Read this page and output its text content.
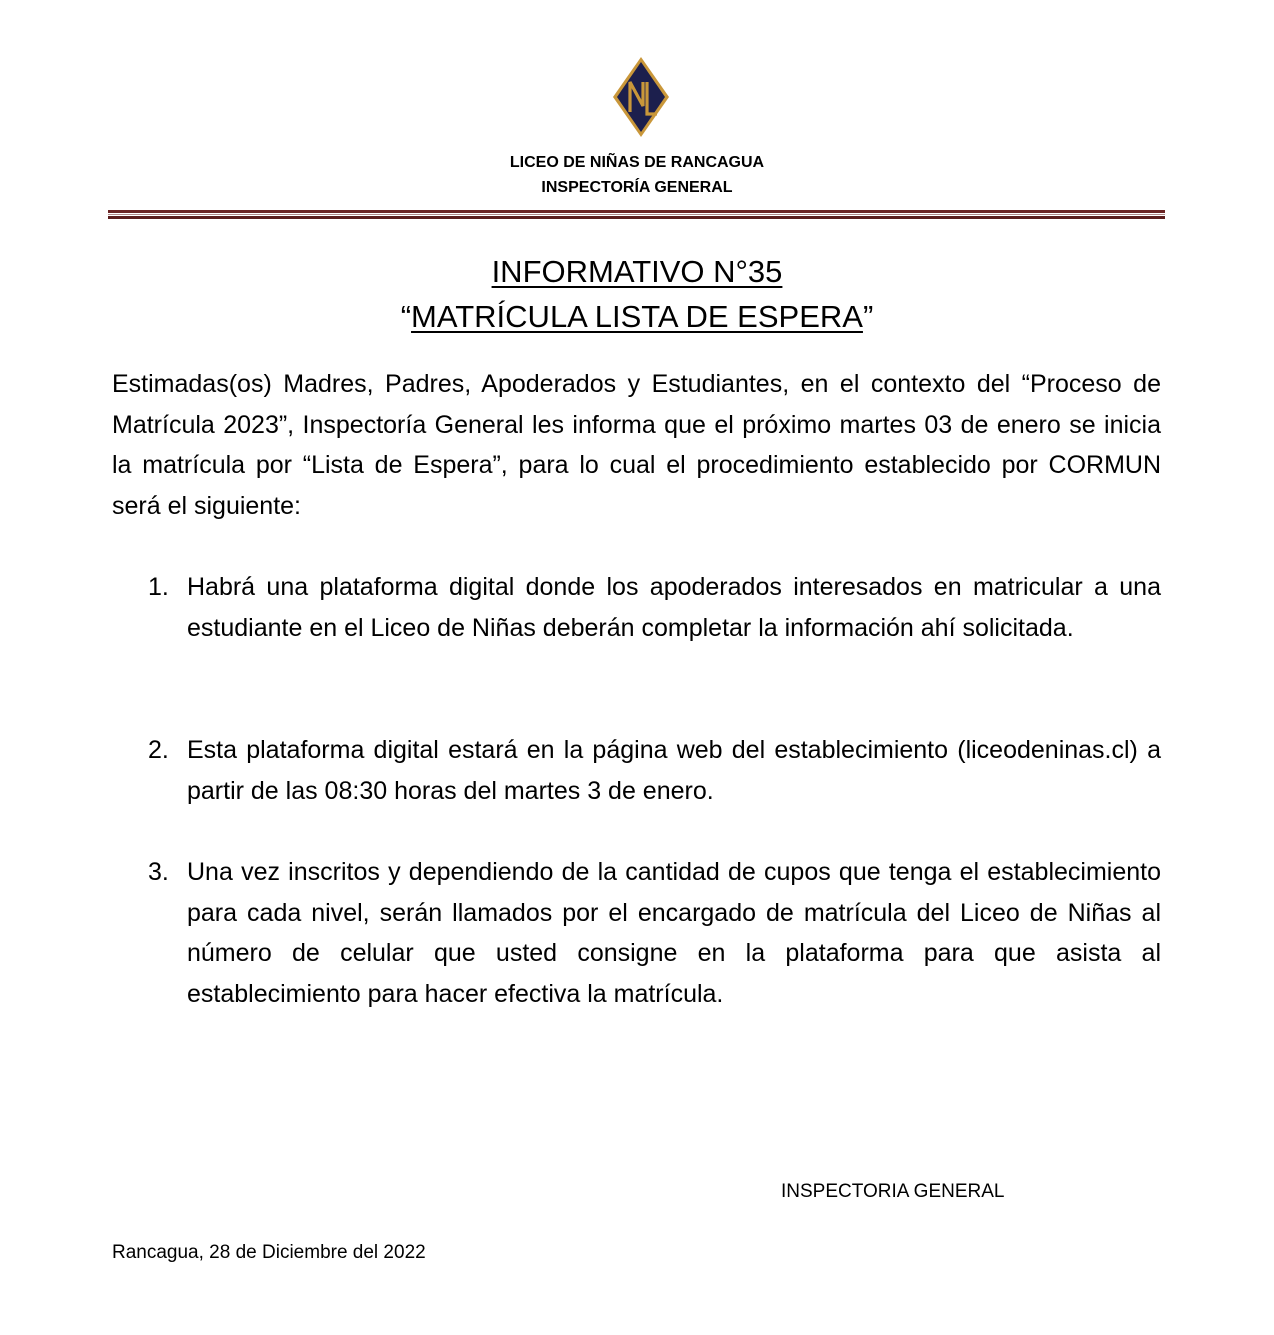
LICEO DE NIÑAS DE RANCAGUA
INSPECTORÍA GENERAL
INFORMATIVO N°35
“MATRÍCULA LISTA DE ESPERA”

Estimadas(os) Madres, Padres, Apoderados y Estudiantes, en el contexto del “Proceso de Matrícula 2023”, Inspectoría General les informa que el próximo martes 03 de enero se inicia la matrícula por “Lista de Espera”, para lo cual el procedimiento establecido por CORMUN será el siguiente:

1. Habrá una plataforma digital donde los apoderados interesados en matricular a una estudiante en el Liceo de Niñas deberán completar la información ahí solicitada.
2. Esta plataforma digital estará en la página web del establecimiento (liceodeninas.cl) a partir de las 08:30 horas del martes 3 de enero.
3. Una vez inscritos y dependiendo de la cantidad de cupos que tenga el establecimiento para cada nivel, serán llamados por el encargado de matrícula del Liceo de Niñas al número de celular que usted consigne en la plataforma para que asista al establecimiento para hacer efectiva la matrícula.
INSPECTORIA GENERAL
Rancagua, 28 de Diciembre del 2022
